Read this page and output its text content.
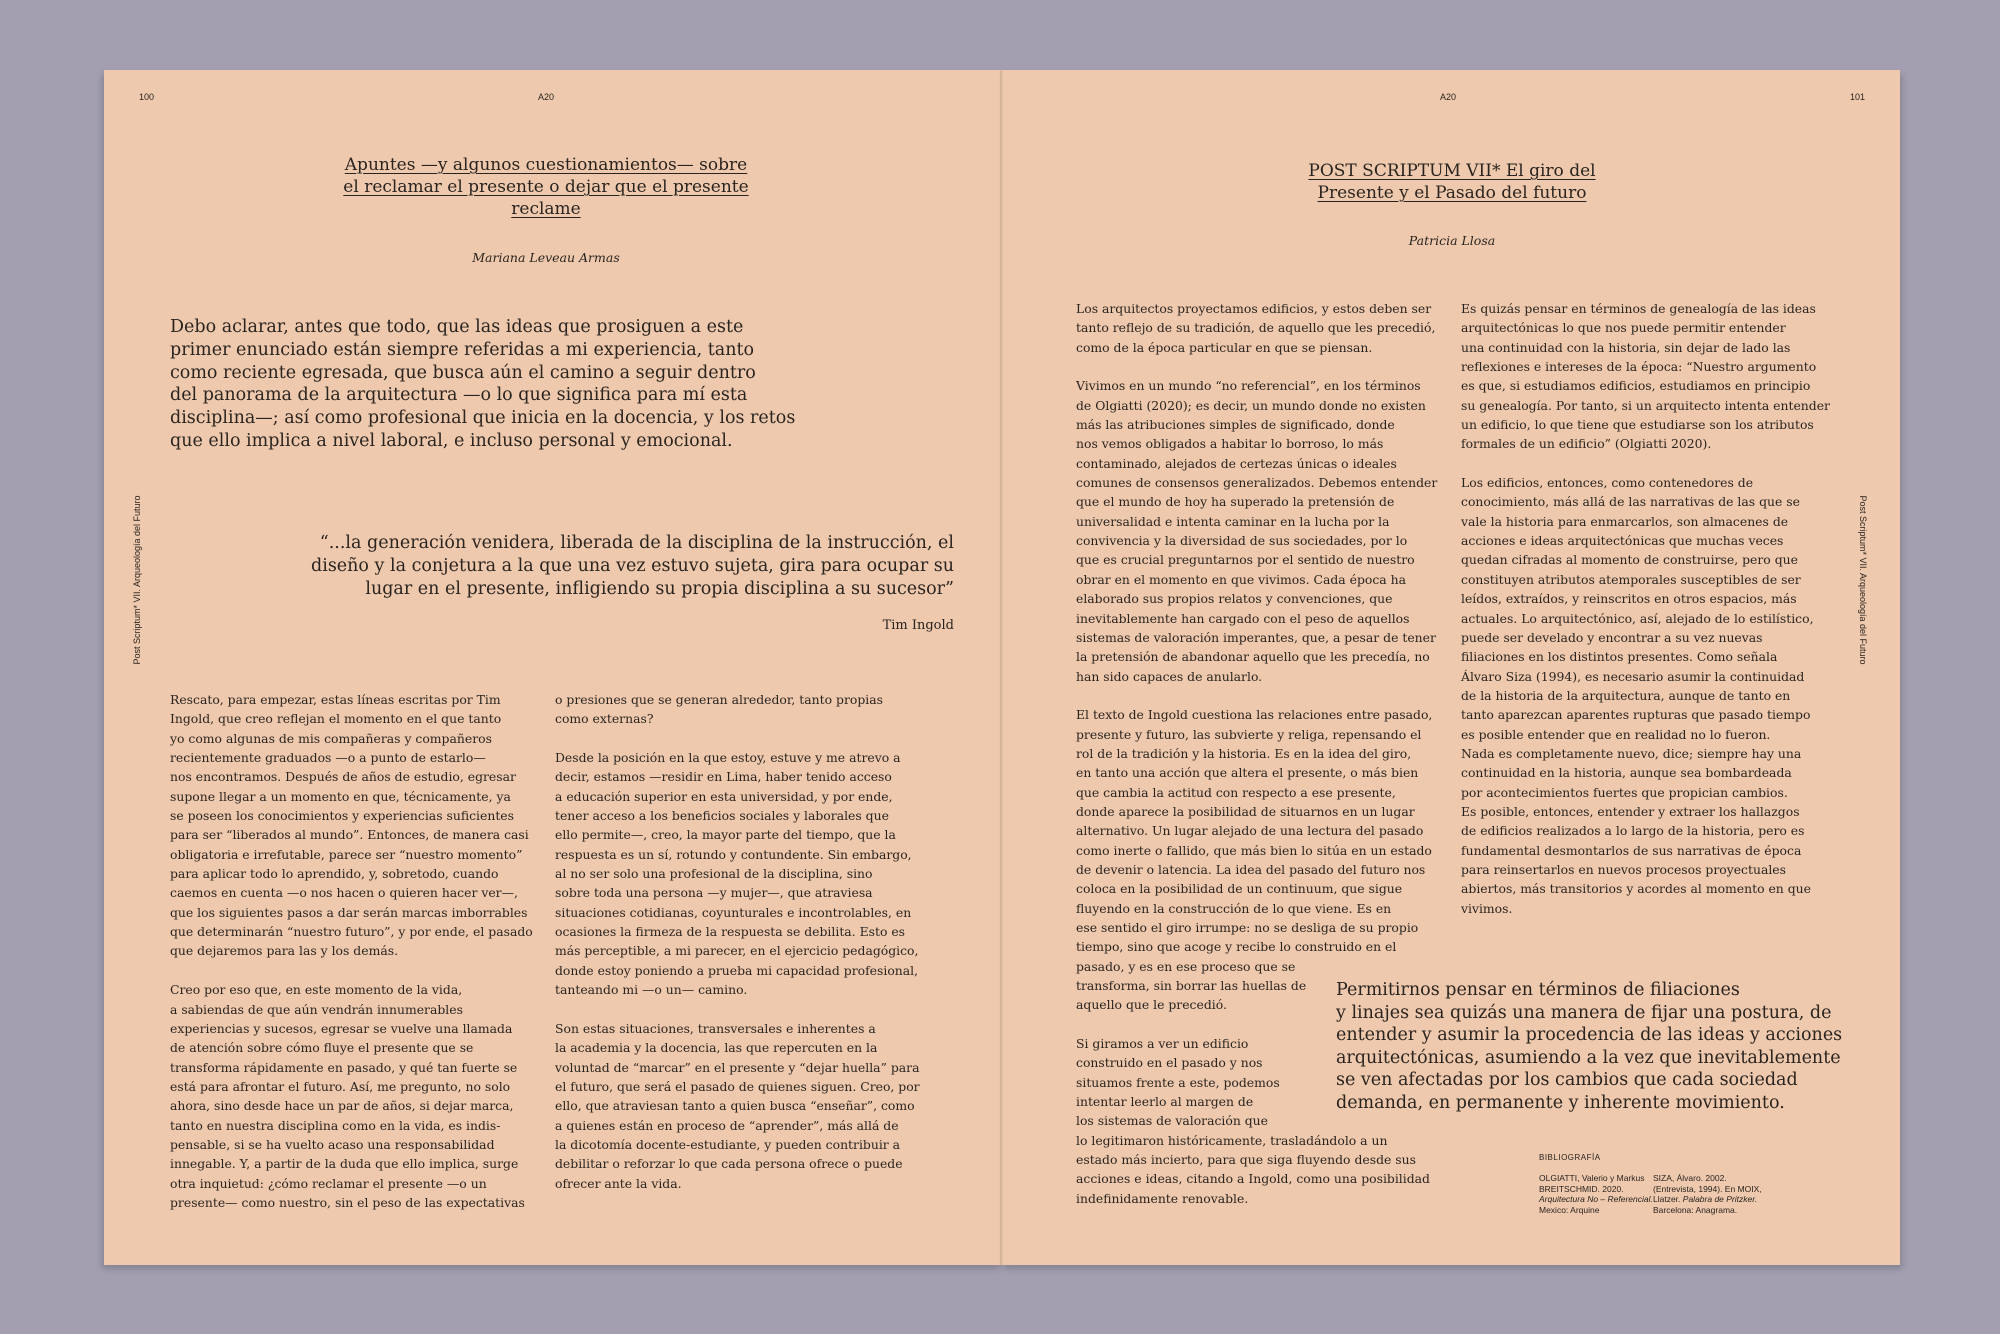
100	A20
Post Scriptum* VII. Arqueología del Futuro
Apuntes —y algunos cuestionamientos— sobre
el reclamar el presente o dejar que el presente
reclame
Mariana Leveau Armas
Debo aclarar, antes que todo, que las ideas que prosiguen a este
primer enunciado están siempre referidas a mi experiencia, tanto
como reciente egresada, que busca aún el camino a seguir dentro
del panorama de la arquitectura —o lo que significa para mí esta
disciplina—; así como profesional que inicia en la docencia, y los retos
que ello implica a nivel laboral, e incluso personal y emocional.
“...la generación venidera, liberada de la disciplina de la instrucción, el
diseño y la conjetura a la que una vez estuvo sujeta, gira para ocupar su
lugar en el presente, infligiendo su propia disciplina a su sucesor”
Tim Ingold

Rescato, para empezar, estas líneas escritas por Tim
Ingold, que creo reflejan el momento en el que tanto
yo como algunas de mis compañeras y compañeros
recientemente graduados —o a punto de estarlo—
nos encontramos. Después de años de estudio, egresar
supone llegar a un momento en que, técnicamente, ya
se poseen los conocimientos y experiencias suficientes
para ser “liberados al mundo”. Entonces, de manera casi
obligatoria e irrefutable, parece ser “nuestro momento”
para aplicar todo lo aprendido, y, sobretodo, cuando
caemos en cuenta —o nos hacen o quieren hacer ver—,
que los siguientes pasos a dar serán marcas imborrables
que determinarán “nuestro futuro”, y por ende, el pasado
que dejaremos para las y los demás.

Creo por eso que, en este momento de la vida,
a sabiendas de que aún vendrán innumerables
experiencias y sucesos, egresar se vuelve una llamada
de atención sobre cómo fluye el presente que se
transforma rápidamente en pasado, y qué tan fuerte se
está para afrontar el futuro. Así, me pregunto, no solo
ahora, sino desde hace un par de años, si dejar marca,
tanto en nuestra disciplina como en la vida, es indis-
pensable, si se ha vuelto acaso una responsabilidad
innegable. Y, a partir de la duda que ello implica, surge
otra inquietud: ¿cómo reclamar el presente —o un
presente— como nuestro, sin el peso de las expectativas

o presiones que se generan alrededor, tanto propias
como externas?

Desde la posición en la que estoy, estuve y me atrevo a
decir, estamos —residir en Lima, haber tenido acceso
a educación superior en esta universidad, y por ende,
tener acceso a los beneficios sociales y laborales que
ello permite—, creo, la mayor parte del tiempo, que la
respuesta es un sí, rotundo y contundente. Sin embargo,
al no ser solo una profesional de la disciplina, sino
sobre toda una persona —y mujer—, que atraviesa
situaciones cotidianas, coyunturales e incontrolables, en
ocasiones la firmeza de la respuesta se debilita. Esto es
más perceptible, a mi parecer, en el ejercicio pedagógico,
donde estoy poniendo a prueba mi capacidad profesional,
tanteando mi —o un— camino.

Son estas situaciones, transversales e inherentes a
la academia y la docencia, las que repercuten en la
voluntad de “marcar” en el presente y “dejar huella” para
el futuro, que será el pasado de quienes siguen. Creo, por
ello, que atraviesan tanto a quien busca “enseñar”, como
a quienes están en proceso de “aprender”, más allá de
la dicotomía docente-estudiante, y pueden contribuir a
debilitar o reforzar lo que cada persona ofrece o puede
ofrecer ante la vida.

A20	101
Post Scriptum* VII. Arqueología del Futuro
POST SCRIPTUM VII* El giro del
Presente y el Pasado del futuro
Patricia Llosa

Los arquitectos proyectamos edificios, y estos deben ser
tanto reflejo de su tradición, de aquello que les precedió,
como de la época particular en que se piensan.

Vivimos en un mundo “no referencial”, en los términos
de Olgiatti (2020); es decir, un mundo donde no existen
más las atribuciones simples de significado, donde
nos vemos obligados a habitar lo borroso, lo más
contaminado, alejados de certezas únicas o ideales
comunes de consensos generalizados. Debemos entender
que el mundo de hoy ha superado la pretensión de
universalidad e intenta caminar en la lucha por la
convivencia y la diversidad de sus sociedades, por lo
que es crucial preguntarnos por el sentido de nuestro
obrar en el momento en que vivimos. Cada época ha
elaborado sus propios relatos y convenciones, que
inevitablemente han cargado con el peso de aquellos
sistemas de valoración imperantes, que, a pesar de tener
la pretensión de abandonar aquello que les precedía, no
han sido capaces de anularlo.

El texto de Ingold cuestiona las relaciones entre pasado,
presente y futuro, las subvierte y religa, repensando el
rol de la tradición y la historia. Es en la idea del giro,
en tanto una acción que altera el presente, o más bien
que cambia la actitud con respecto a ese presente,
donde aparece la posibilidad de situarnos en un lugar
alternativo. Un lugar alejado de una lectura del pasado
como inerte o fallido, que más bien lo sitúa en un estado
de devenir o latencia. La idea del pasado del futuro nos
coloca en la posibilidad de un continuum, que sigue
fluyendo en la construcción de lo que viene. Es en
ese sentido el giro irrumpe: no se desliga de su propio
tiempo, sino que acoge y recibe lo construido en el
pasado, y es en ese proceso que se
transforma, sin borrar las huellas de
aquello que le precedió.

Si giramos a ver un edificio
construido en el pasado y nos
situamos frente a este, podemos
intentar leerlo al margen de
los sistemas de valoración que
lo legitimaron históricamente, trasladándolo a un
estado más incierto, para que siga fluyendo desde sus
acciones e ideas, citando a Ingold, como una posibilidad
indefinidamente renovable.

Es quizás pensar en términos de genealogía de las ideas
arquitectónicas lo que nos puede permitir entender
una continuidad con la historia, sin dejar de lado las
reflexiones e intereses de la época: “Nuestro argumento
es que, si estudiamos edificios, estudiamos en principio
su genealogía. Por tanto, si un arquitecto intenta entender
un edificio, lo que tiene que estudiarse son los atributos
formales de un edificio” (Olgiatti 2020).

Los edificios, entonces, como contenedores de
conocimiento, más allá de las narrativas de las que se
vale la historia para enmarcarlos, son almacenes de
acciones e ideas arquitectónicas que muchas veces
quedan cifradas al momento de construirse, pero que
constituyen atributos atemporales susceptibles de ser
leídos, extraídos, y reinscritos en otros espacios, más
actuales. Lo arquitectónico, así, alejado de lo estilístico,
puede ser develado y encontrar a su vez nuevas
filiaciones en los distintos presentes. Como señala
Álvaro Siza (1994), es necesario asumir la continuidad
de la historia de la arquitectura, aunque de tanto en
tanto aparezcan aparentes rupturas que pasado tiempo
es posible entender que en realidad no lo fueron.
Nada es completamente nuevo, dice; siempre hay una
continuidad en la historia, aunque sea bombardeada
por acontecimientos fuertes que propician cambios.
Es posible, entonces, entender y extraer los hallazgos
de edificios realizados a lo largo de la historia, pero es
fundamental desmontarlos de sus narrativas de época
para reinsertarlos en nuevos procesos proyectuales
abiertos, más transitorios y acordes al momento en que
vivimos.

Permitirnos pensar en términos de filiaciones
y linajes sea quizás una manera de fijar una postura, de
entender y asumir la procedencia de las ideas y acciones
arquitectónicas, asumiendo a la vez que inevitablemente
se ven afectadas por los cambios que cada sociedad
demanda, en permanente y inherente movimiento.
BIBLIOGRAFÍA
OLGIATTI, Valerio y Markus
BREITSCHMID. 2020.
Arquitectura No – Referencial.
Mexico: Arquine
SIZA, Álvaro. 2002.
(Entrevista, 1994). En MOIX,
Llatzer. Palabra de Pritzker.
Barcelona: Anagrama.
